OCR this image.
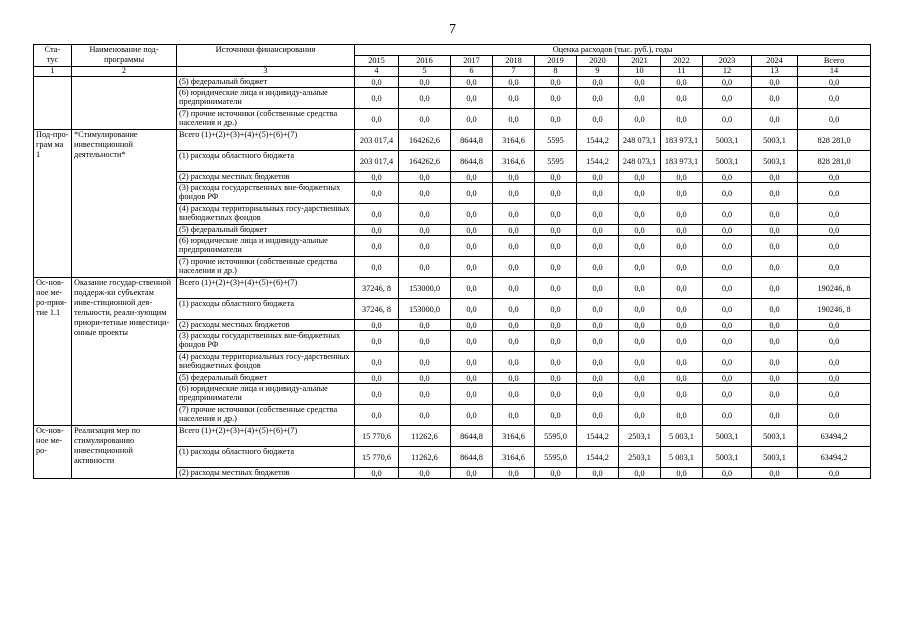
7
Ста-
тус	Наименование под-
программы	Источники финансирования	Оценка расходов (тыс. руб.), годы										
			2015	2016	2017	2018	2019	2020	2021	2022	2023	2024	Всего
1	2	3	4	5	6	7	8	9	10	11	12	13	14
		(5) федеральный бюджет	0,0	0,0	0,0	0,0	0,0	0,0	0,0	0,0	0,0	0,0	0,0
		(6) юридические лица и индивиду-альные предприниматели	0,0	0,0	0,0	0,0	0,0	0,0	0,0	0,0	0,0	0,0	0,0
		(7) прочие источники (собственные средства населения и др.)	0,0	0,0	0,0	0,0	0,0	0,0	0,0	0,0	0,0	0,0	0,0
Под-про-грам ма 1	*Стимулирование инвестиционной деятельности*	Всего (1)+(2)+(3)+(4)+(5)+(6)+(7)	203 017,4	164262,6	8644,8	3164,6	5595	1544,2	248 073,1	183 973,1	5003,1	5003,1	828 281,0
		(1) расходы областного бюджета	203 017,4	164262,6	8644,8	3164,6	5595	1544,2	248 073,1	183 973,1	5003,1	5003,1	828 281,0
		(2) расходы местных бюджетов	0,0	0,0	0,0	0,0	0,0	0,0	0,0	0,0	0,0	0,0	0,0
		(3) расходы государственных вне-бюджетных фондов РФ	0,0	0,0	0,0	0,0	0,0	0,0	0,0	0,0	0,0	0,0	0,0
		(4) расходы территориальных госу-дарственных внебюджетных фондов	0,0	0,0	0,0	0,0	0,0	0,0	0,0	0,0	0,0	0,0	0,0
		(5) федеральный бюджет	0,0	0,0	0,0	0,0	0,0	0,0	0,0	0,0	0,0	0,0	0,0
		(6) юридические лица и индивиду-альные предприниматели	0,0	0,0	0,0	0,0	0,0	0,0	0,0	0,0	0,0	0,0	0,0
		(7) прочие источники (собственные средства населения и др.)	0,0	0,0	0,0	0,0	0,0	0,0	0,0	0,0	0,0	0,0	0,0
Ос-нов-ное ме-ро-прия-тие 1.1	Оказание государ-ственной поддерж-ки субъектам инве-стиционной дея-тельности, реали-зующим приори-тетные инвестици-онные проекты	Всего (1)+(2)+(3)+(4)+(5)+(6)+(7)	37246, 8	153000,0	0,0	0,0	0,0	0,0	0,0	0,0	0,0	0,0	190246, 8
		(1) расходы областного бюджета	37246, 8	153000,0	0,0	0,0	0,0	0,0	0,0	0,0	0,0	0,0	190246, 8
		(2) расходы местных бюджетов	0,0	0,0	0,0	0,0	0,0	0,0	0,0	0,0	0,0	0,0	0,0
		(3) расходы государственных вне-бюджетных фондов РФ	0,0	0,0	0,0	0,0	0,0	0,0	0,0	0,0	0,0	0,0	0,0
		(4) расходы территориальных госу-дарственных внебюджетных фондов	0,0	0,0	0,0	0,0	0,0	0,0	0,0	0,0	0,0	0,0	0,0
		(5) федеральный бюджет	0,0	0,0	0,0	0,0	0,0	0,0	0,0	0,0	0,0	0,0	0,0
		(6) юридические лица и индивиду-альные предприниматели	0,0	0,0	0,0	0,0	0,0	0,0	0,0	0,0	0,0	0,0	0,0
		(7) прочие источники (собственные средства населения и др.)	0,0	0,0	0,0	0,0	0,0	0,0	0,0	0,0	0,0	0,0	0,0
Ос-нов-ное ме-ро-	Реализация мер по стимулированию инвестиционной активности	Всего (1)+(2)+(3)+(4)+(5)+(6)+(7)	15 770,6	11262,6	8644,8	3164,6	5595,0	1544,2	2503,1	5 003,1	5003,1	5003,1	63494,2
		(1) расходы областного бюджета	15 770,6	11262,6	8644,8	3164,6	5595,0	1544,2	2503,1	5 003,1	5003,1	5003,1	63494,2
		(2) расходы местных бюджетов	0,0	0,0	0,0	0,0	0,0	0,0	0,0	0,0	0,0	0,0	0,0
